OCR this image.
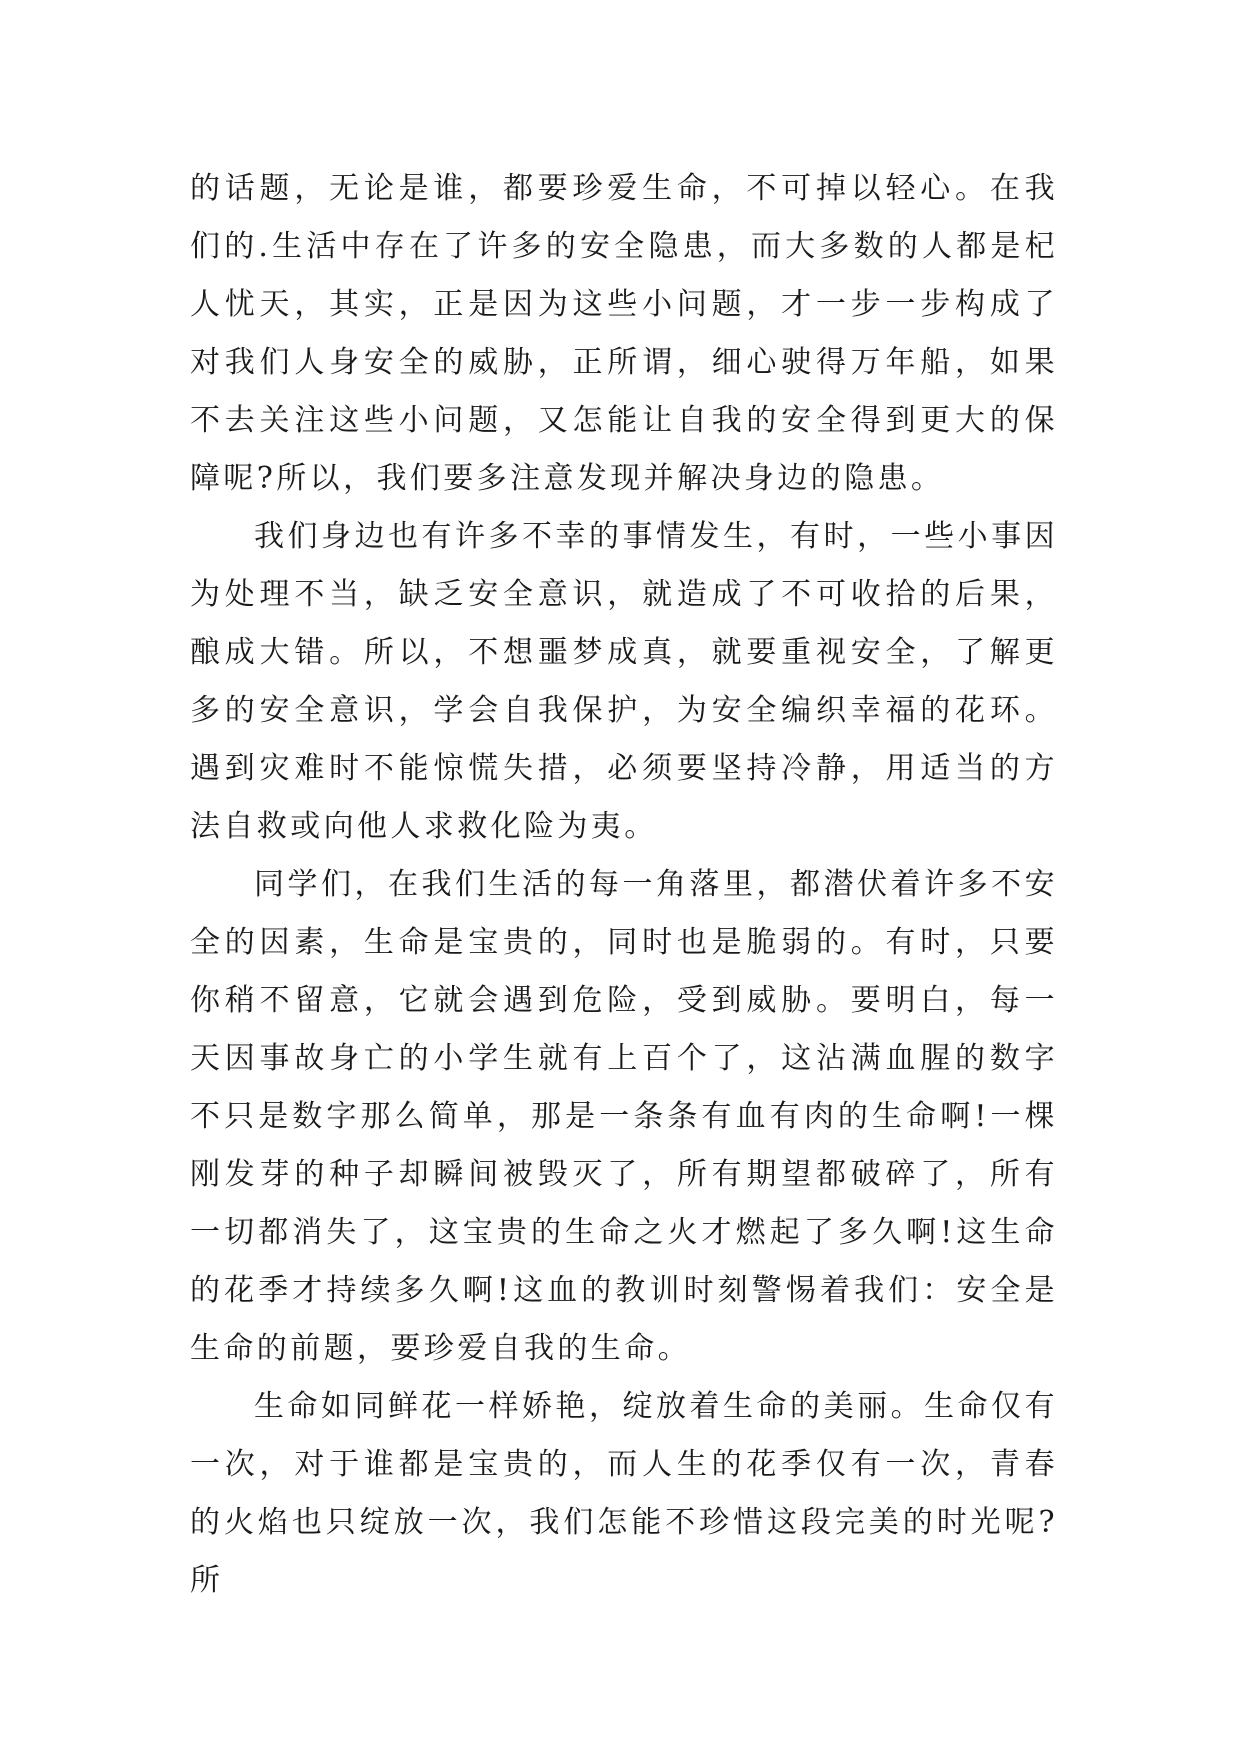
的话题，无论是谁，都要珍爱生命，不可掉以轻心。在我们的.生活中存在了许多的安全隐患，而大多数的人都是杞人忧天，其实，正是因为这些小问题，才一步一步构成了对我们人身安全的威胁，正所谓，细心驶得万年船，如果不去关注这些小问题，又怎能让自我的安全得到更大的保障呢?所以，我们要多注意发现并解决身边的隐患。

我们身边也有许多不幸的事情发生，有时，一些小事因为处理不当，缺乏安全意识，就造成了不可收拾的后果，酿成大错。所以，不想噩梦成真，就要重视安全，了解更多的安全意识，学会自我保护，为安全编织幸福的花环。遇到灾难时不能惊慌失措，必须要坚持冷静，用适当的方法自救或向他人求救化险为夷。

同学们，在我们生活的每一角落里，都潜伏着许多不安全的因素，生命是宝贵的，同时也是脆弱的。有时，只要你稍不留意，它就会遇到危险，受到威胁。要明白，每一天因事故身亡的小学生就有上百个了，这沾满血腥的数字不只是数字那么简单，那是一条条有血有肉的生命啊!一棵刚发芽的种子却瞬间被毁灭了，所有期望都破碎了，所有一切都消失了，这宝贵的生命之火才燃起了多久啊!这生命的花季才持续多久啊!这血的教训时刻警惕着我们：安全是生命的前题，要珍爱自我的生命。

生命如同鲜花一样娇艳，绽放着生命的美丽。生命仅有一次，对于谁都是宝贵的，而人生的花季仅有一次，青春的火焰也只绽放一次，我们怎能不珍惜这段完美的时光呢?所
